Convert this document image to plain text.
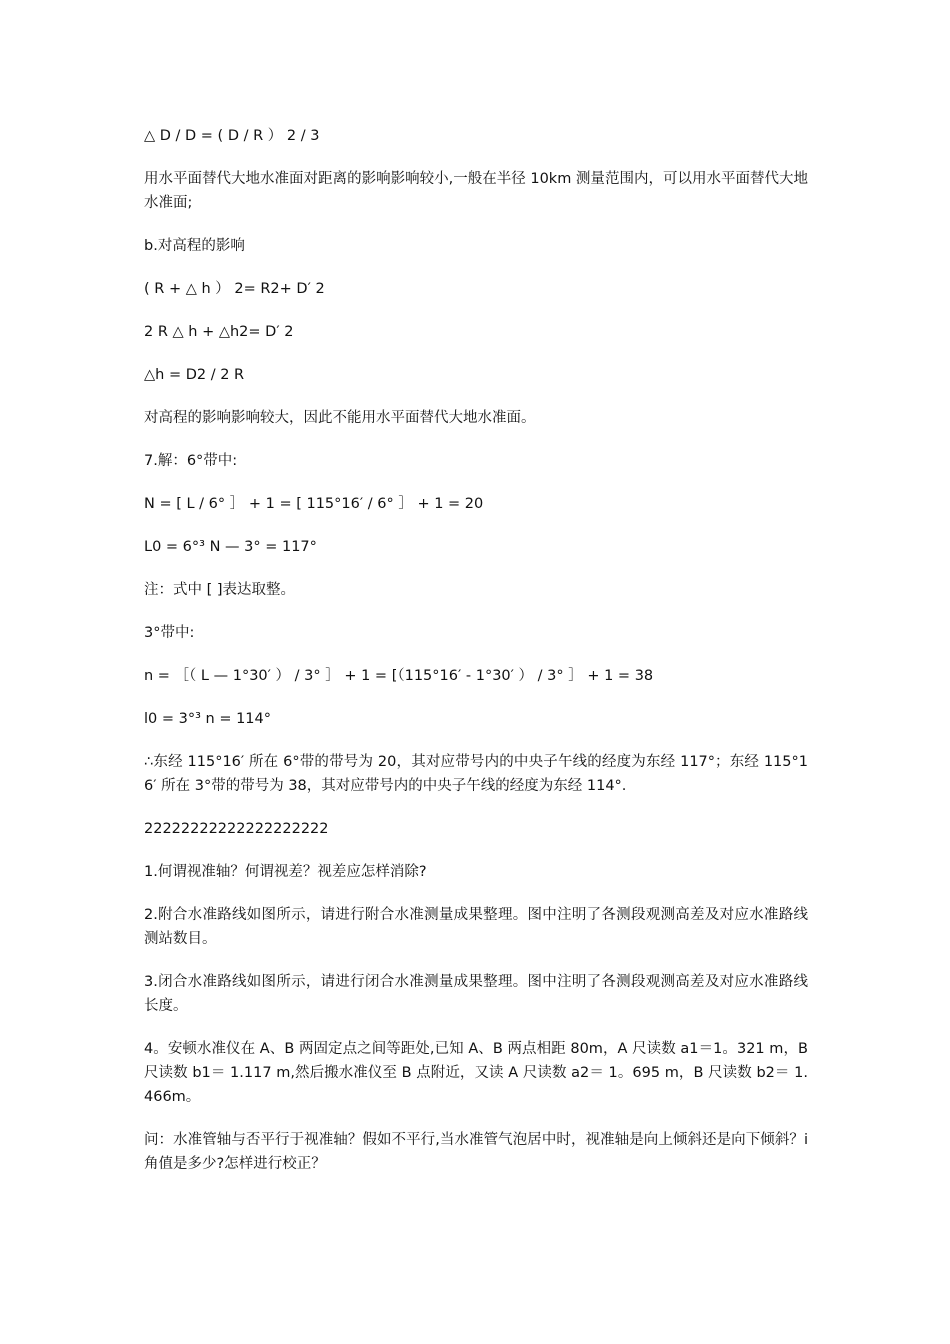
△ D / D = ( D / R ） 2 / 3

用水平面替代大地水准面对距离的影响影响较小,一般在半径 10km 测量范围内，可以用水平面替代大地水准面;

b.对高程的影响

( R + △ h ） 2= R2+ D′ 2

2 R △ h + △h2= D′ 2

△h = D2 / 2 R

对高程的影响影响较大，因此不能用水平面替代大地水准面。

7.解：6°带中:

N = [ L / 6° ］ + 1 = [ 115°16′ / 6° ］ + 1 = 20

L0 = 6°³ N — 3° = 117°

注：式中 [ ]表达取整。

3°带中:

n = ［（ L — 1°30′ ） / 3° ］ + 1 = [（115°16′ - 1°30′ ） / 3° ］ + 1 = 38

l0 = 3°³ n = 114°

∴东经 115°16′ 所在 6°带的带号为 20，其对应带号内的中央子午线的经度为东经 117°；东经 115°16′ 所在 3°带的带号为 38，其对应带号内的中央子午线的经度为东经 114°.

22222222222222222222

1.何谓视准轴？何谓视差？视差应怎样消除?

2.附合水准路线如图所示，请进行附合水准测量成果整理。图中注明了各测段观测高差及对应水准路线测站数目。

3.闭合水准路线如图所示，请进行闭合水准测量成果整理。图中注明了各测段观测高差及对应水准路线长度。

4。安顿水准仪在 A、B 两固定点之间等距处,已知 A、B 两点相距 80m，A 尺读数 a1＝1。321 m，B 尺读数 b1＝ 1.117 m,然后搬水准仪至 B 点附近，又读 A 尺读数 a2＝ 1。695 m，B 尺读数 b2＝ 1.466m。

问：水准管轴与否平行于视准轴？假如不平行,当水准管气泡居中时，视准轴是向上倾斜还是向下倾斜？i 角值是多少?怎样进行校正？
